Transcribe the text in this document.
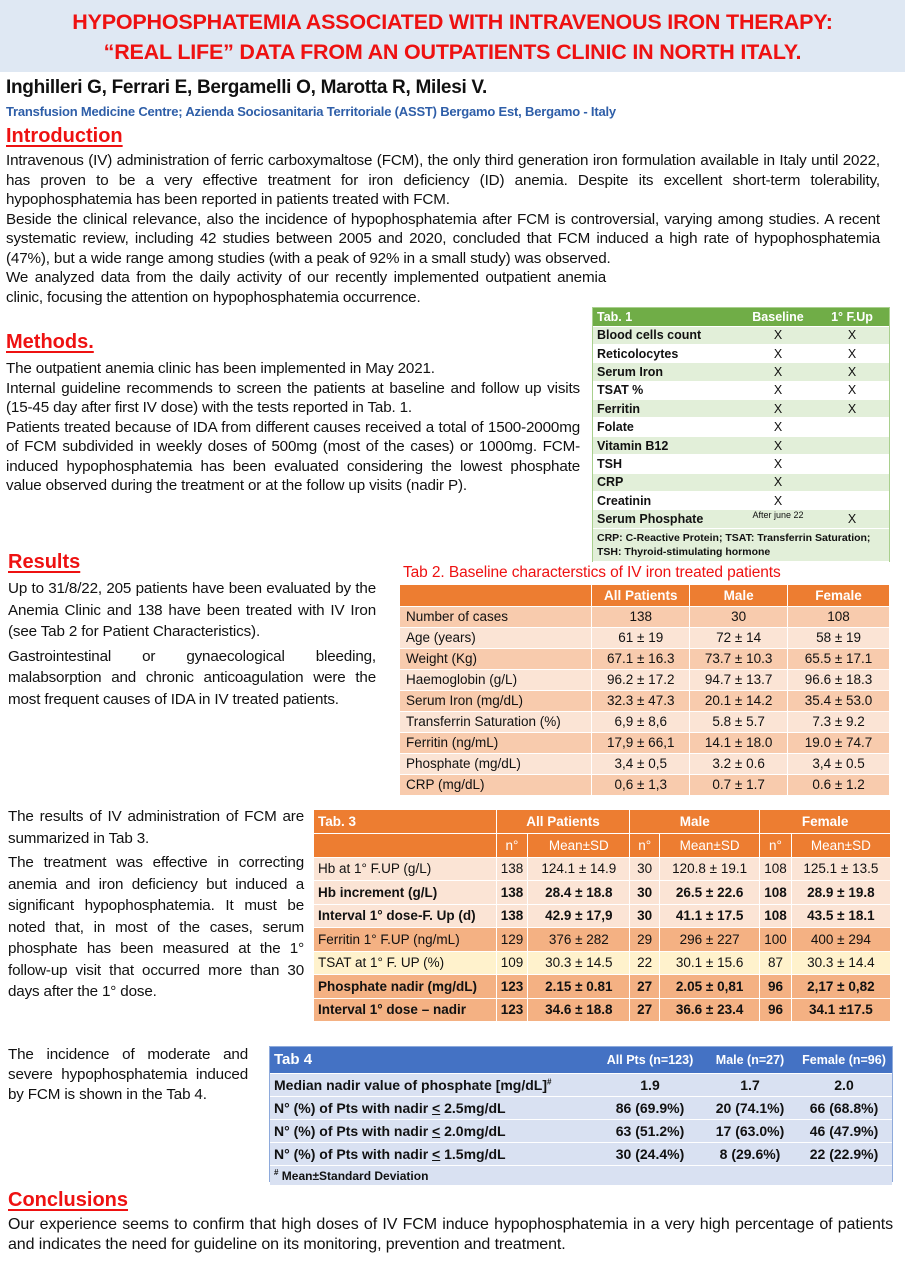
HYPOPHOSPHATEMIA ASSOCIATED WITH INTRAVENOUS IRON THERAPY:
“REAL LIFE” DATA FROM AN OUTPATIENTS CLINIC IN NORTH ITALY.
Inghilleri G, Ferrari E, Bergamelli O, Marotta R, Milesi V.
Transfusion Medicine Centre; Azienda Sociosanitaria Territoriale (ASST) Bergamo Est, Bergamo - Italy
Introduction

Intravenous (IV) administration of ferric carboxymaltose (FCM), the only third generation iron formulation available in Italy until 2022, has proven to be a very effective treatment for iron deficiency (ID) anemia. Despite its excellent short-term tolerability, hypophosphatemia has been reported in patients treated with FCM.

Beside the clinical relevance, also the incidence of hypophosphatemia after FCM is controversial, varying among studies. A recent systematic review, including 42 studies between 2005 and 2020, concluded that FCM induced a high rate of hypophosphatemia (47%), but a wide range among studies (with a peak of 92% in a small study) was observed.

We analyzed data from the daily activity of our recently implemented outpatient anemia clinic, focusing the attention on hypophosphatemia occurrence.

Methods.

The outpatient anemia clinic has been implemented in May 2021.

Internal guideline recommends to screen the patients at baseline and follow up visits (15-45 day after first IV dose) with the tests reported in Tab. 1.

Patients treated because of IDA from different causes received a total of 1500-2000mg of FCM subdivided in weekly doses of 500mg (most of the cases) or 1000mg. FCM-induced hypophosphatemia has been evaluated considering the lowest phosphate value observed during the treatment or at the follow up visits (nadir P).

Tab. 1	Baseline	1° F.Up
Blood cells count	X	X
Reticolocytes	X	X
Serum Iron	X	X
TSAT %	X	X
Ferritin	X	X
Folate	X	
Vitamin B12	X	
TSH	X	
CRP	X	
Creatinin	X	
Serum Phosphate	After june 22	X
CRP: C-Reactive Protein; TSAT: Transferrin Saturation; TSH: Thyroid-stimulating hormone		
Results

Up to 31/8/22, 205 patients have been evaluated by the Anemia Clinic and 138 have been treated with IV Iron (see Tab 2 for Patient Characteristics).

Gastrointestinal or gynaecological bleeding, malabsorption and chronic anticoagulation were the most frequent causes of IDA in IV treated patients.

Tab 2. Baseline characterstics of IV iron treated patients
	All Patients	Male	Female
Number of cases	138	30	108
Age (years)	61 ± 19	72 ± 14	58 ± 19
Weight (Kg)	67.1 ± 16.3	73.7 ± 10.3	65.5 ± 17.1
Haemoglobin (g/L)	96.2 ± 17.2	94.7 ± 13.7	96.6 ± 18.3
Serum Iron (mg/dL)	32.3 ± 47.3	20.1 ± 14.2	35.4 ± 53.0
Transferrin Saturation (%)	6,9 ± 8,6	5.8 ± 5.7	7.3 ± 9.2
Ferritin (ng/mL)	17,9 ± 66,1	14.1 ± 18.0	19.0 ± 74.7
Phosphate (mg/dL)	3,4 ± 0,5	3.2 ± 0.6	3,4 ± 0.5
CRP (mg/dL)	0,6 ± 1,3	0.7 ± 1.7	0.6 ± 1.2

The results of IV administration of FCM are summarized in Tab 3.

The treatment was effective in correcting anemia and iron deficiency but induced a significant hypophosphatemia. It must be noted that, in most of the cases, serum phosphate has been measured at the 1° follow-up visit that occurred more than 30 days after the 1° dose.

Tab. 3	All Patients		Male		Female	
	n°	Mean±SD	n°	Mean±SD	n°	Mean±SD
Hb at 1° F.UP (g/L)	138	124.1 ± 14.9	30	120.8 ± 19.1	108	125.1 ± 13.5
Hb increment (g/L)	138	28.4 ± 18.8	30	26.5 ± 22.6	108	28.9 ± 19.8
Interval 1° dose-F. Up (d)	138	42.9 ± 17,9	30	41.1 ± 17.5	108	43.5 ± 18.1
Ferritin 1° F.UP (ng/mL)	129	376 ± 282	29	296 ± 227	100	400 ± 294
TSAT at 1° F. UP (%)	109	30.3 ± 14.5	22	30.1 ± 15.6	87	30.3 ± 14.4
Phosphate nadir (mg/dL)	123	2.15 ± 0.81	27	2.05 ± 0,81	96	2,17 ± 0,82
Interval 1° dose – nadir	123	34.6 ± 18.8	27	36.6 ± 23.4	96	34.1 ±17.5

The incidence of moderate and severe hypophosphatemia induced by FCM is shown in the Tab 4.

Tab 4	All Pts (n=123)	Male (n=27)	Female (n=96)
Median nadir value of phosphate [mg/dL]#	1.9	1.7	2.0
N° (%) of Pts with nadir < 2.5mg/dL	86 (69.9%)	20 (74.1%)	66 (68.8%)
N° (%) of Pts with nadir < 2.0mg/dL	63 (51.2%)	17 (63.0%)	46 (47.9%)
N° (%) of Pts with nadir < 1.5mg/dL	30 (24.4%)	8 (29.6%)	22 (22.9%)
# Mean±Standard Deviation			
Conclusions
Our experience seems to confirm that high doses of IV FCM induce hypophosphatemia in a very high percentage of patients and indicates the need for guideline on its monitoring, prevention and treatment.
